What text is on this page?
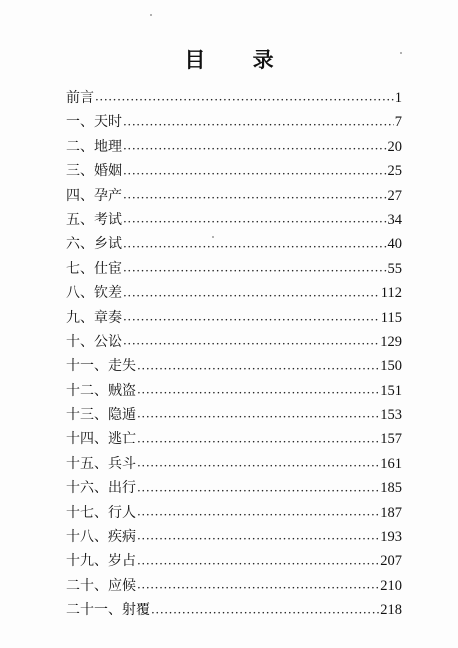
目 录
前言 ·····	1
一、天时 ·····	7
二、地理 ·····	20
三、婚姻 ·····	25
四、孕产 ·····	27
五、考试 ·····	34
六、乡试 ·····	40
七、仕宦 ·····	55
八、钦差 ·····	112
九、章奏 ·····	115
十、公讼 ·····	129
十一、走失 ·····	150
十二、贼盗 ·····	151
十三、隐遁 ·····	153
十四、逃亡 ·····	157
十五、兵斗 ·····	161
十六、出行 ·····	185
十七、行人 ·····	187
十八、疾病 ·····	193
十九、岁占 ·····	207
二十、应候 ·····	210
二十一、射覆 ·····	218
